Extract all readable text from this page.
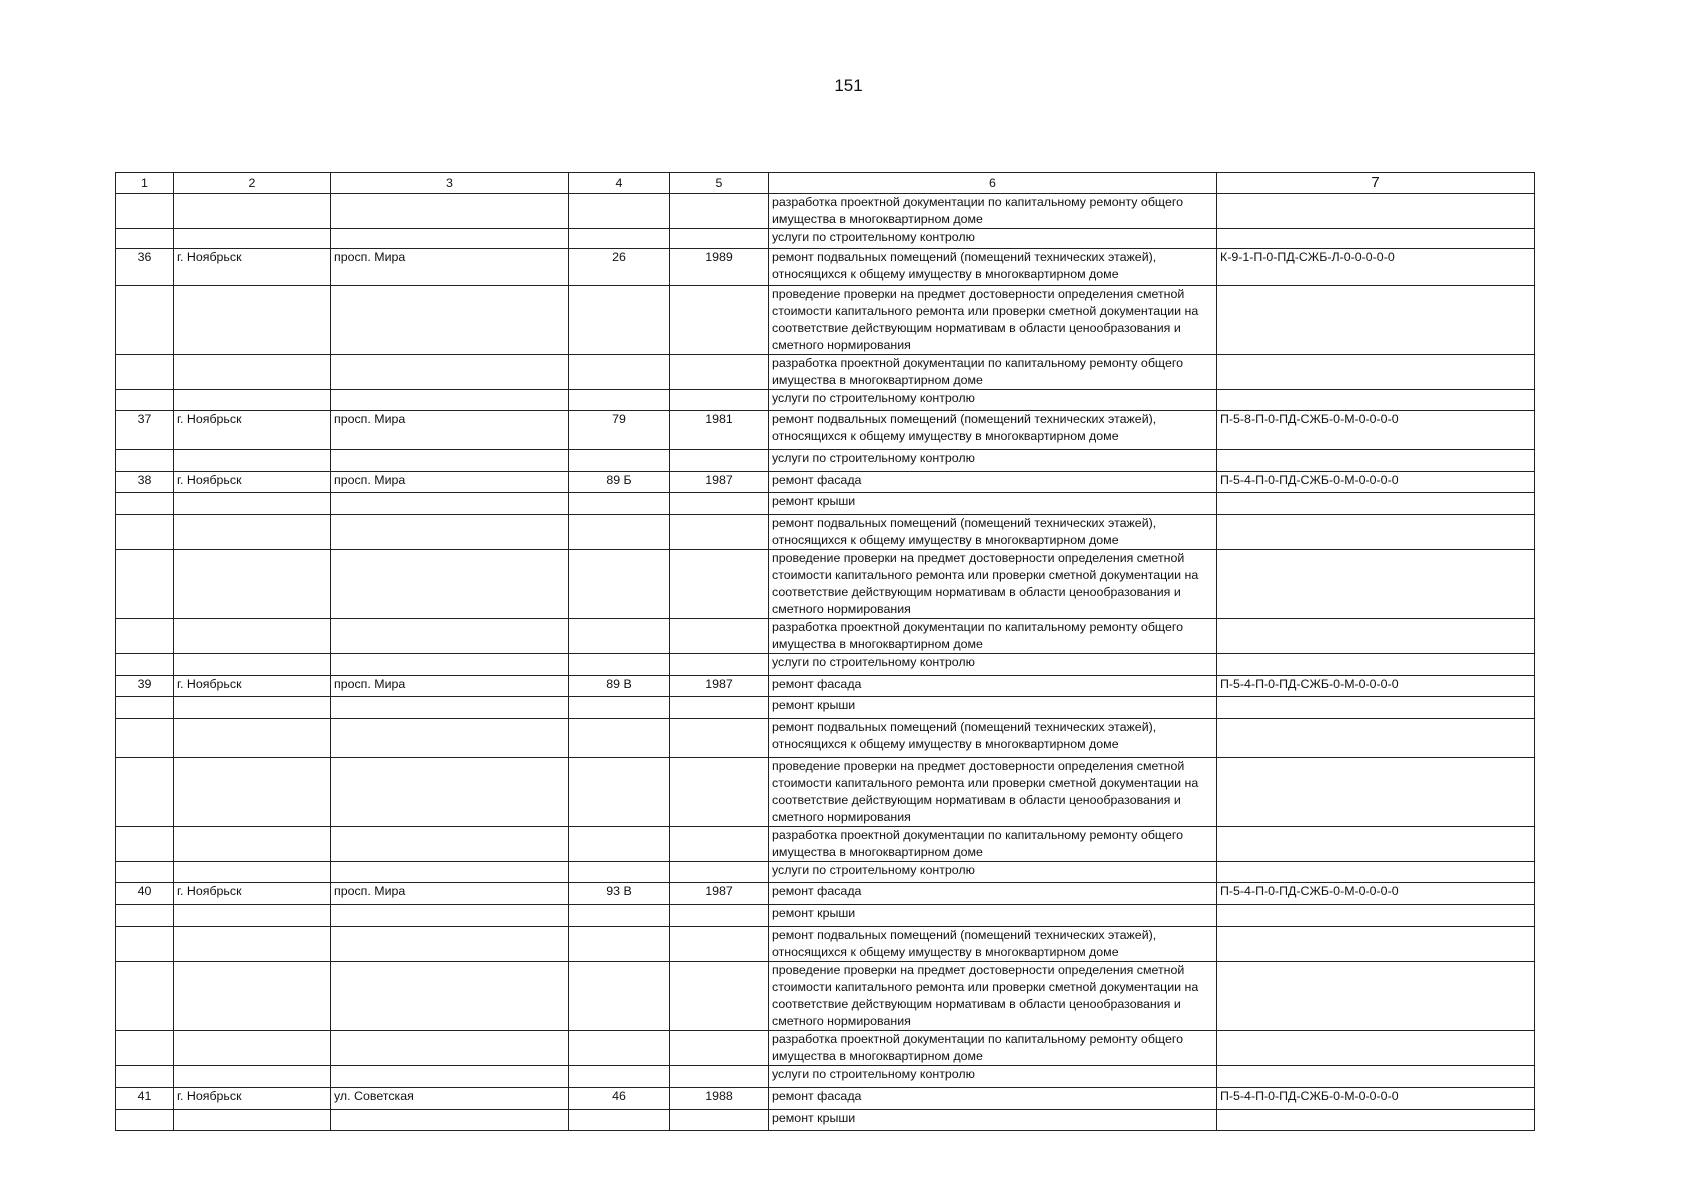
151
1	2	3	4	5	6	7
					разработка проектной документации по капитальному ремонту общего имущества в многоквартирном доме	
					услуги по строительному контролю	
36	г. Ноябрьск	просп. Мира	26	1989	ремонт подвальных помещений (помещений технических этажей), относящихся к общему имуществу в многоквартирном доме	К-9-1-П-0-ПД-СЖБ-Л-0-0-0-0-0
					проведение проверки на предмет достоверности определения сметной стоимости капитального ремонта или проверки сметной документации на соответствие действующим нормативам в области ценообразования и сметного нормирования	
					разработка проектной документации по капитальному ремонту общего имущества в многоквартирном доме	
					услуги по строительному контролю	
37	г. Ноябрьск	просп. Мира	79	1981	ремонт подвальных помещений (помещений технических этажей), относящихся к общему имуществу в многоквартирном доме	П-5-8-П-0-ПД-СЖБ-0-М-0-0-0-0
					услуги по строительному контролю	
38	г. Ноябрьск	просп. Мира	89 Б	1987	ремонт фасада	П-5-4-П-0-ПД-СЖБ-0-М-0-0-0-0
					ремонт крыши	
					ремонт подвальных помещений (помещений технических этажей), относящихся к общему имуществу в многоквартирном доме	
					проведение проверки на предмет достоверности определения сметной стоимости капитального ремонта или проверки сметной документации на соответствие действующим нормативам в области ценообразования и сметного нормирования	
					разработка проектной документации по капитальному ремонту общего имущества в многоквартирном доме	
					услуги по строительному контролю	
39	г. Ноябрьск	просп. Мира	89 В	1987	ремонт фасада	П-5-4-П-0-ПД-СЖБ-0-М-0-0-0-0
					ремонт крыши	
					ремонт подвальных помещений (помещений технических этажей), относящихся к общему имуществу в многоквартирном доме	
					проведение проверки на предмет достоверности определения сметной стоимости капитального ремонта или проверки сметной документации на соответствие действующим нормативам в области ценообразования и сметного нормирования	
					разработка проектной документации по капитальному ремонту общего имущества в многоквартирном доме	
					услуги по строительному контролю	
40	г. Ноябрьск	просп. Мира	93 В	1987	ремонт фасада	П-5-4-П-0-ПД-СЖБ-0-М-0-0-0-0
					ремонт крыши	
					ремонт подвальных помещений (помещений технических этажей), относящихся к общему имуществу в многоквартирном доме	
					проведение проверки на предмет достоверности определения сметной стоимости капитального ремонта или проверки сметной документации на соответствие действующим нормативам в области ценообразования и сметного нормирования	
					разработка проектной документации по капитальному ремонту общего имущества в многоквартирном доме	
					услуги по строительному контролю	
41	г. Ноябрьск	ул. Советская	46	1988	ремонт фасада	П-5-4-П-0-ПД-СЖБ-0-М-0-0-0-0
					ремонт крыши	
